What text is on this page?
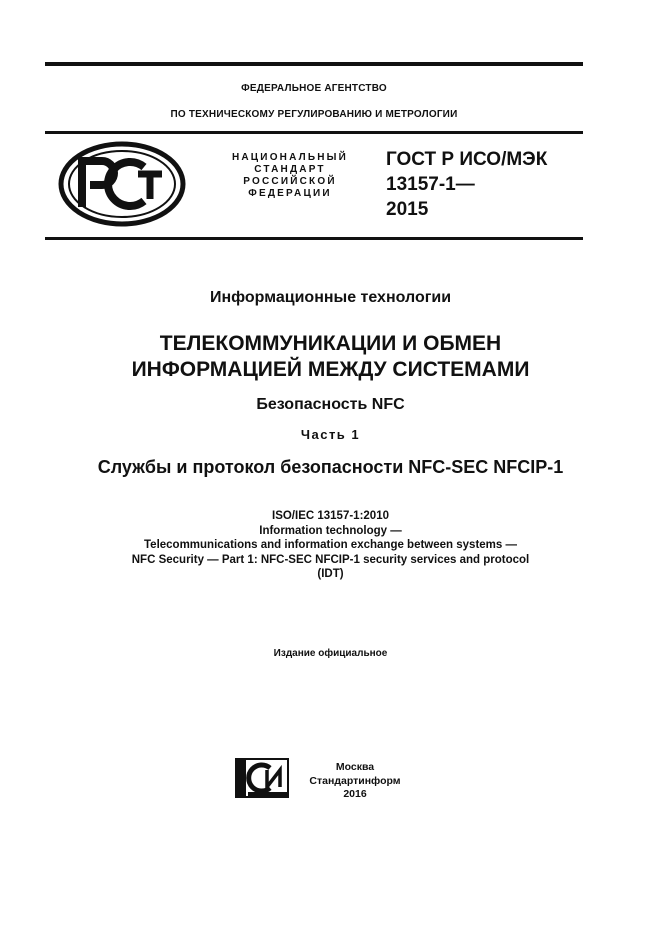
ФЕДЕРАЛЬНОЕ АГЕНТСТВО
ПО ТЕХНИЧЕСКОМУ РЕГУЛИРОВАНИЮ И МЕТРОЛОГИИ
НАЦИОНАЛЬНЫЙ
СТАНДАРТ
РОССИЙСКОЙ
ФЕДЕРАЦИИ
ГОСТ Р ИСО/МЭК
13157-1—
2015
Информационные технологии
ТЕЛЕКОММУНИКАЦИИ И ОБМЕН
ИНФОРМАЦИЕЙ МЕЖДУ СИСТЕМАМИ
Безопасность NFC
Часть 1
Службы и протокол безопасности NFC-SEC NFCIP-1
ISO/IEC 13157-1:2010
Information technology —
Telecommunications and information exchange between systems —
NFC Security — Part 1: NFC-SEC NFCIP-1 security services and protocol
(IDT)
Издание официальное
Москва
Стандартинформ
2016
